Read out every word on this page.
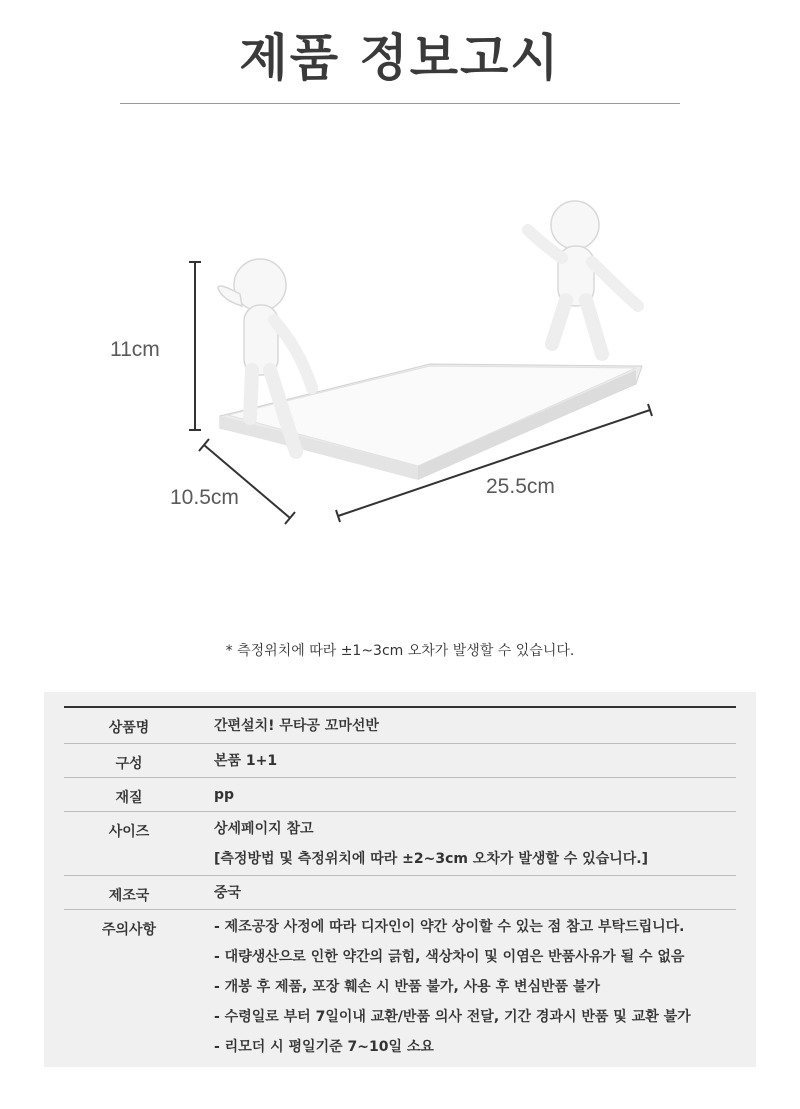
제품 정보고시
11cm
10.5cm	25.5cm
* 측정위치에 따라 ±1~3cm 오차가 발생할 수 있습니다.
상품명	간편설치! 무타공 꼬마선반
구성	본품 1+1
재질	pp
사이즈	상세페이지 참고
[측정방법 및 측정위치에 따라 ±2~3cm 오차가 발생할 수 있습니다.]
제조국	중국
주의사항	- 제조공장 사정에 따라 디자인이 약간 상이할 수 있는 점 참고 부탁드립니다.
- 대량생산으로 인한 약간의 긁힘, 색상차이 및 이염은 반품사유가 될 수 없음
- 개봉 후 제품, 포장 훼손 시 반품 불가, 사용 후 변심반품 불가
- 수령일로 부터 7일이내 교환/반품 의사 전달, 기간 경과시 반품 및 교환 불가
- 리모더 시 평일기준 7~10일 소요
